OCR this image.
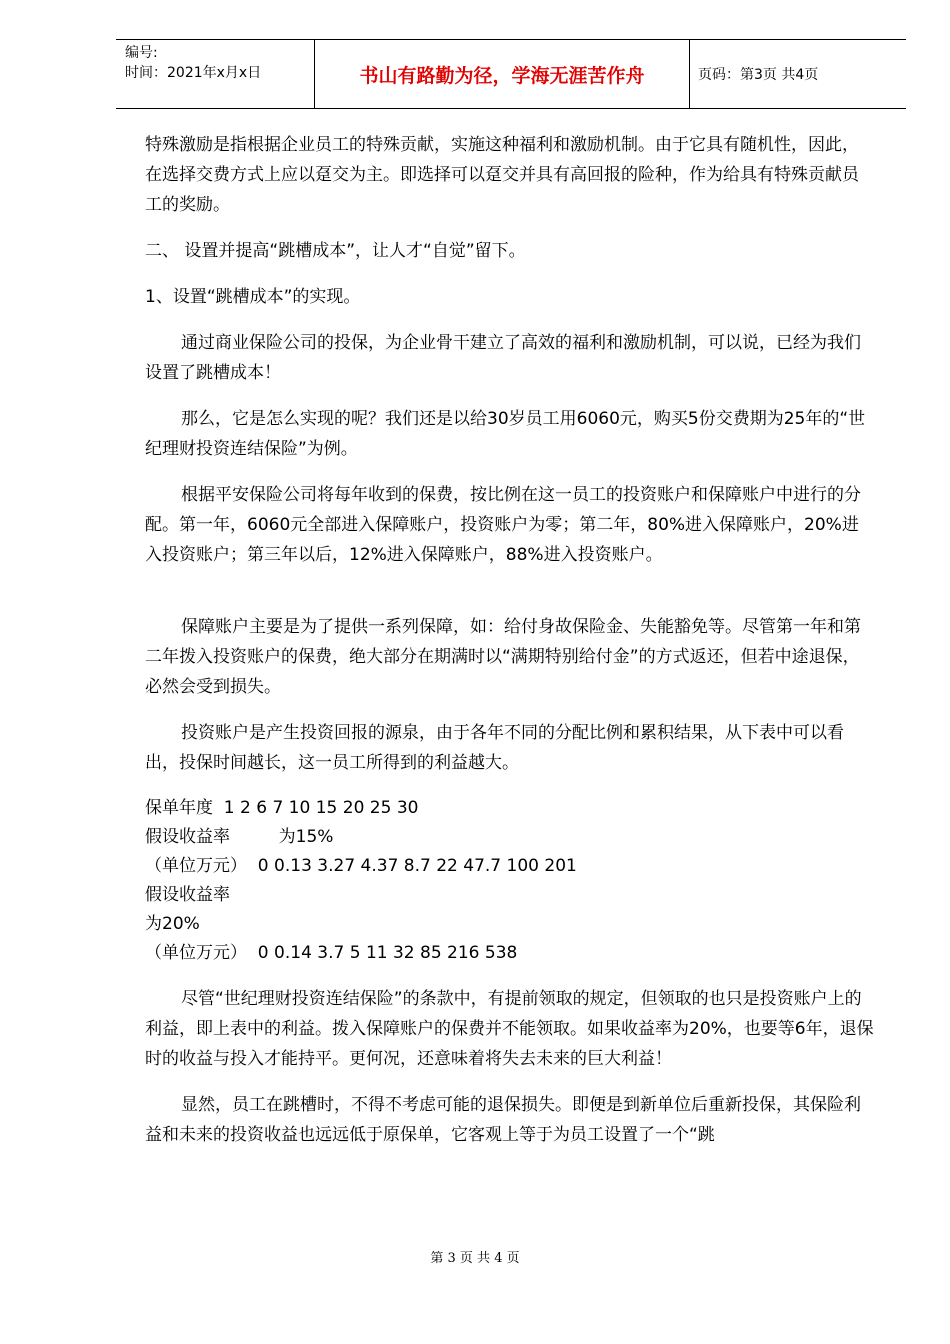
编号:
时间：2021年x月x日	书山有路勤为径，学海无涯苦作舟	页码：第3页 共4页

特殊激励是指根据企业员工的特殊贡献，实施这种福利和激励机制。由于它具有随机性，因此，在选择交费方式上应以趸交为主。即选择可以趸交并具有高回报的险种，作为给具有特殊贡献员工的奖励。

二、 设置并提高“跳槽成本”，让人才“自觉”留下。

1、设置“跳槽成本”的实现。

通过商业保险公司的投保，为企业骨干建立了高效的福利和激励机制，可以说，已经为我们设置了跳槽成本！

那么，它是怎么实现的呢？我们还是以给30岁员工用6060元，购买5份交费期为25年的“世纪理财投资连结保险”为例。

根据平安保险公司将每年收到的保费，按比例在这一员工的投资账户和保障账户中进行的分配。第一年，6060元全部进入保障账户，投资账户为零；第二年，80%进入保障账户，20%进入投资账户；第三年以后，12%进入保障账户，88%进入投资账户。

保障账户主要是为了提供一系列保障，如：给付身故保险金、失能豁免等。尽管第一年和第二年拨入投资账户的保费，绝大部分在期满时以“满期特别给付金”的方式返还，但若中途退保，必然会受到损失。

投资账户是产生投资回报的源泉，由于各年不同的分配比例和累积结果，从下表中可以看出，投保时间越长，这一员工所得到的利益越大。

保单年度  1 2 6 7 10 15 20 25 30

假设收益率         为15%

（单位万元）  0 0.13 3.27 4.37 8.7 22 47.7 100 201

假设收益率

为20%

（单位万元）  0 0.14 3.7 5 11 32 85 216 538

尽管“世纪理财投资连结保险”的条款中，有提前领取的规定，但领取的也只是投资账户上的利益，即上表中的利益。拨入保障账户的保费并不能领取。如果收益率为20%，也要等6年，退保时的收益与投入才能持平。更何况，还意味着将失去未来的巨大利益！

显然，员工在跳槽时，不得不考虑可能的退保损失。即便是到新单位后重新投保，其保险利益和未来的投资收益也远远低于原保单，它客观上等于为员工设置了一个“跳

第 3 页 共 4 页
